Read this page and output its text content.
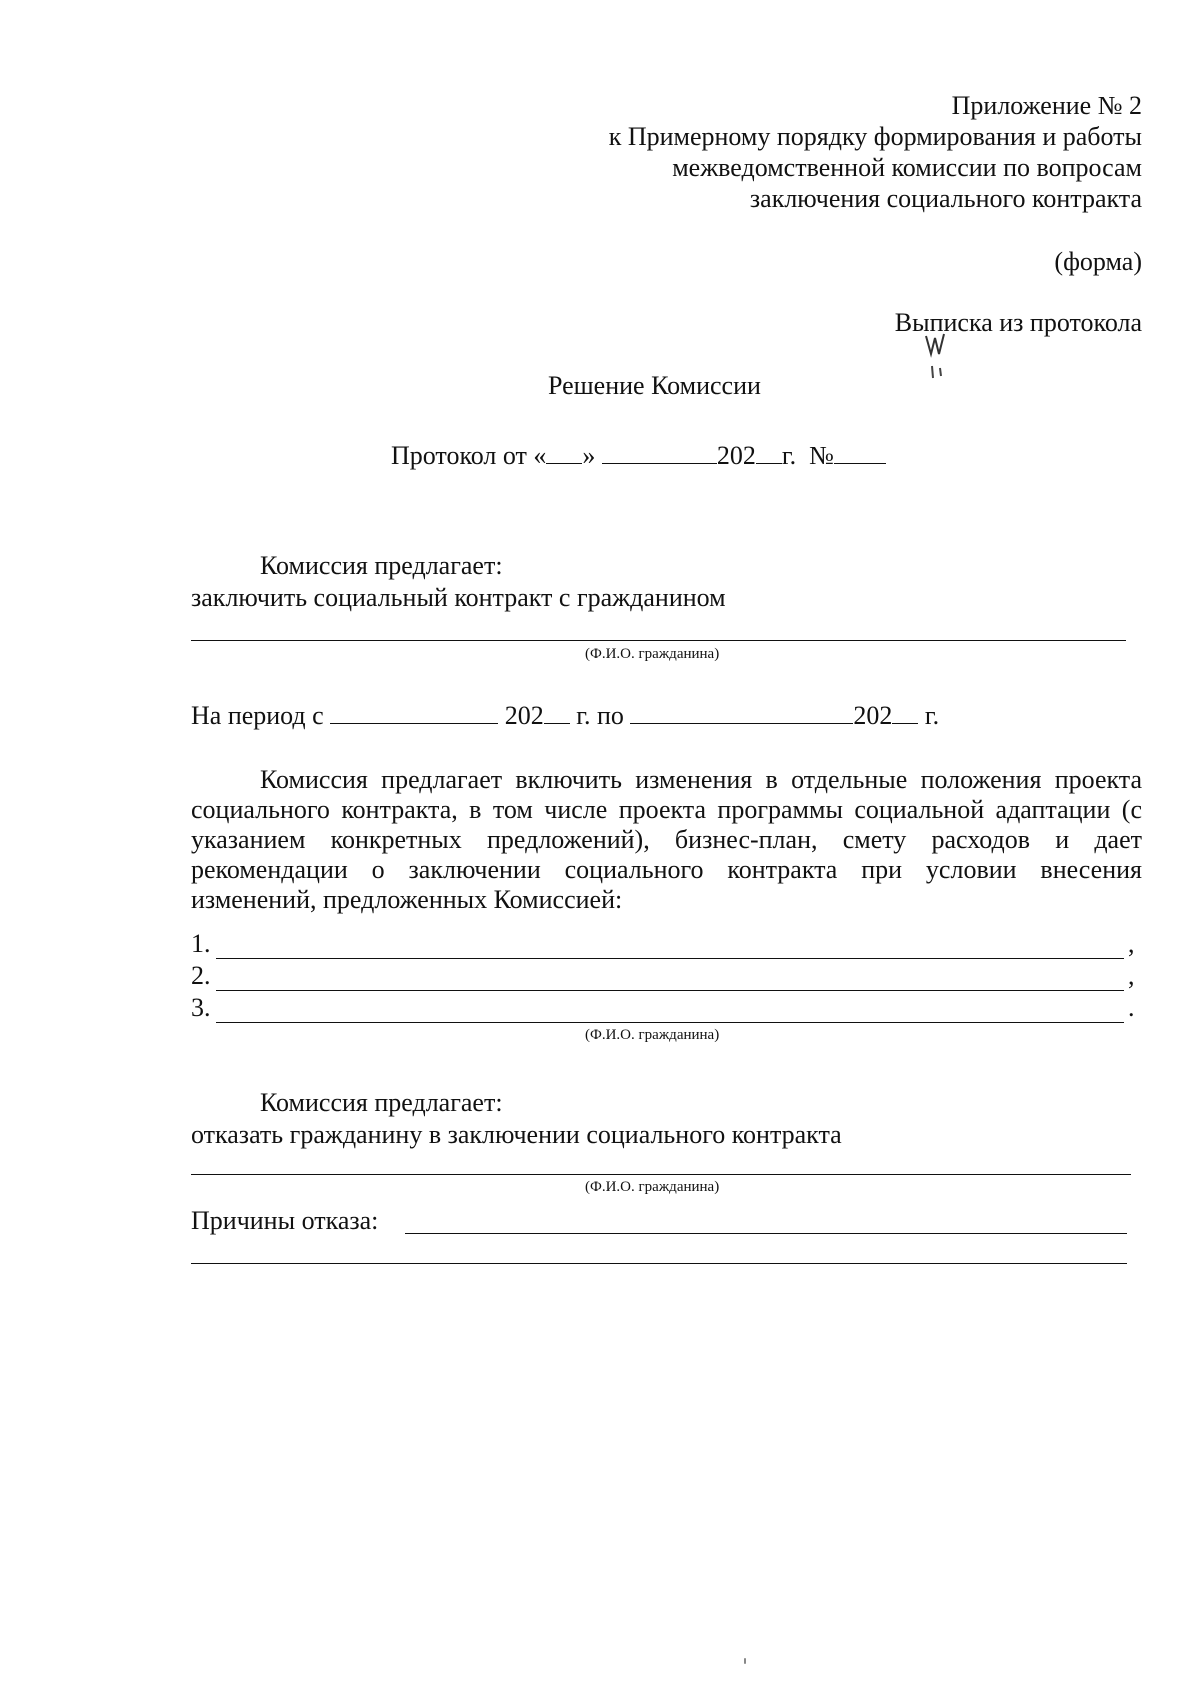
Приложение № 2
к Примерному порядку формирования и работы
межведомственной комиссии по вопросам
заключения социального контракта
(форма)
Выписка из протокола
Решение Комиссии
Протокол от « »	202 г. №
Комиссия предлагает:
заключить социальный контракт с гражданином
(Ф.И.О. гражданина)
На период с	202 г. по	202 г.
Комиссия предлагает включить изменения в отдельные положения проекта социального контракта, в том числе проекта программы социальной адаптации (с указанием конкретных предложений), бизнес-план, смету расходов и дает рекомендации о заключении социального контракта при условии внесения изменений, предложенных Комиссией:
1.	,
2.	,
3.	.
(Ф.И.О. гражданина)
Комиссия предлагает:
отказать гражданину в заключении социального контракта
(Ф.И.О. гражданина)
Причины отказа:
